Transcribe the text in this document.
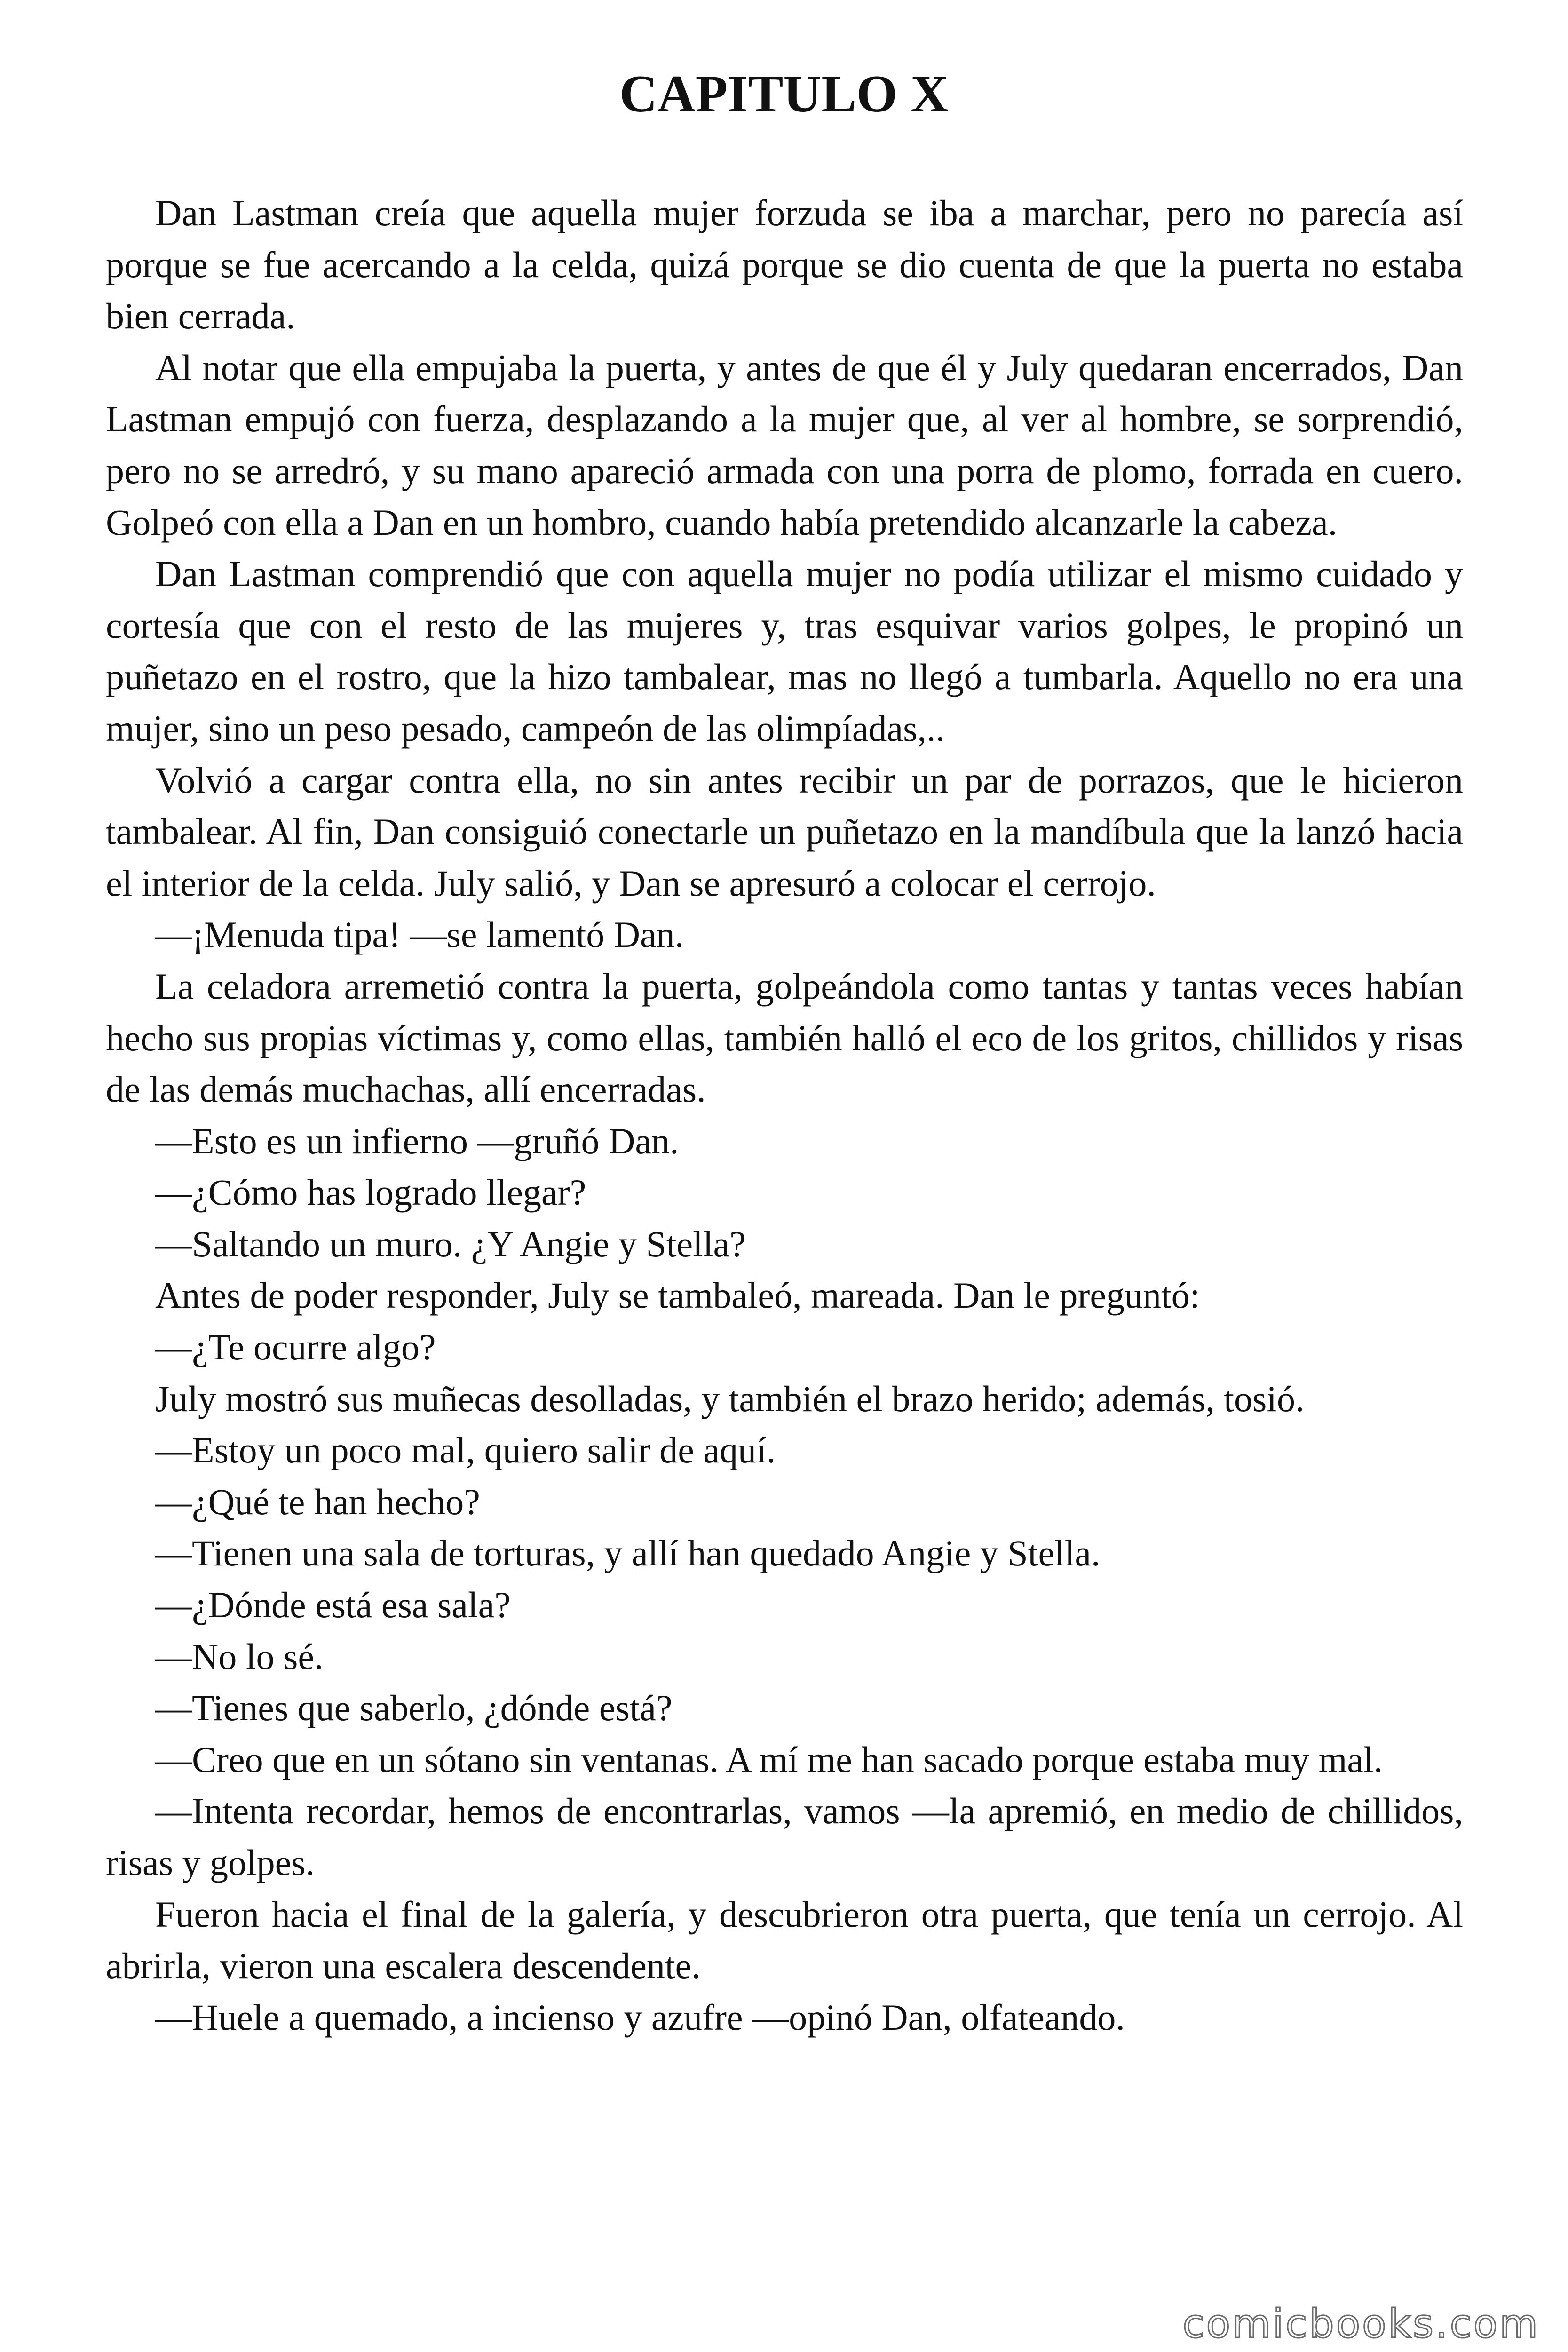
CAPITULO X

Dan Lastman creía que aquella mujer forzuda se iba a marchar, pero no parecía así porque se fue acercando a la celda, quizá porque se dio cuenta de que la puerta no estaba bien cerrada.

Al notar que ella empujaba la puerta, y antes de que él y July quedaran encerrados, Dan Lastman empujó con fuerza, desplazando a la mujer que, al ver al hombre, se sorprendió, pero no se arredró, y su mano apareció armada con una porra de plomo, forrada en cuero. Golpeó con ella a Dan en un hombro, cuando había pretendido alcanzarle la cabeza.

Dan Lastman comprendió que con aquella mujer no podía utilizar el mismo cuidado y cortesía que con el resto de las mujeres y, tras esquivar varios golpes, le propinó un puñetazo en el rostro, que la hizo tambalear, mas no llegó a tumbarla. Aquello no era una mujer, sino un peso pesado, campeón de las olimpíadas,..

Volvió a cargar contra ella, no sin antes recibir un par de porrazos, que le hicieron tambalear. Al fin, Dan consiguió conectarle un puñetazo en la mandíbula que la lanzó hacia el interior de la celda. July salió, y Dan se apresuró a colocar el cerrojo.

—¡Menuda tipa! —se lamentó Dan.

La celadora arremetió contra la puerta, golpeándola como tantas y tantas veces habían hecho sus propias víctimas y, como ellas, también halló el eco de los gritos, chillidos y risas de las demás muchachas, allí encerradas.

—Esto es un infierno —gruñó Dan.

—¿Cómo has logrado llegar?

—Saltando un muro. ¿Y Angie y Stella?

Antes de poder responder, July se tambaleó, mareada. Dan le preguntó:

—¿Te ocurre algo?

July mostró sus muñecas desolladas, y también el brazo herido; además, tosió.

—Estoy un poco mal, quiero salir de aquí.

—¿Qué te han hecho?

—Tienen una sala de torturas, y allí han quedado Angie y Stella.

—¿Dónde está esa sala?

—No lo sé.

—Tienes que saberlo, ¿dónde está?

—Creo que en un sótano sin ventanas. A mí me han sacado porque estaba muy mal.

—Intenta recordar, hemos de encontrarlas, vamos —la apremió, en medio de chillidos, risas y golpes.

Fueron hacia el final de la galería, y descubrieron otra puerta, que tenía un cerrojo. Al abrirla, vieron una escalera descendente.

—Huele a quemado, a incienso y azufre —opinó Dan, olfateando.

comicbooks.com
